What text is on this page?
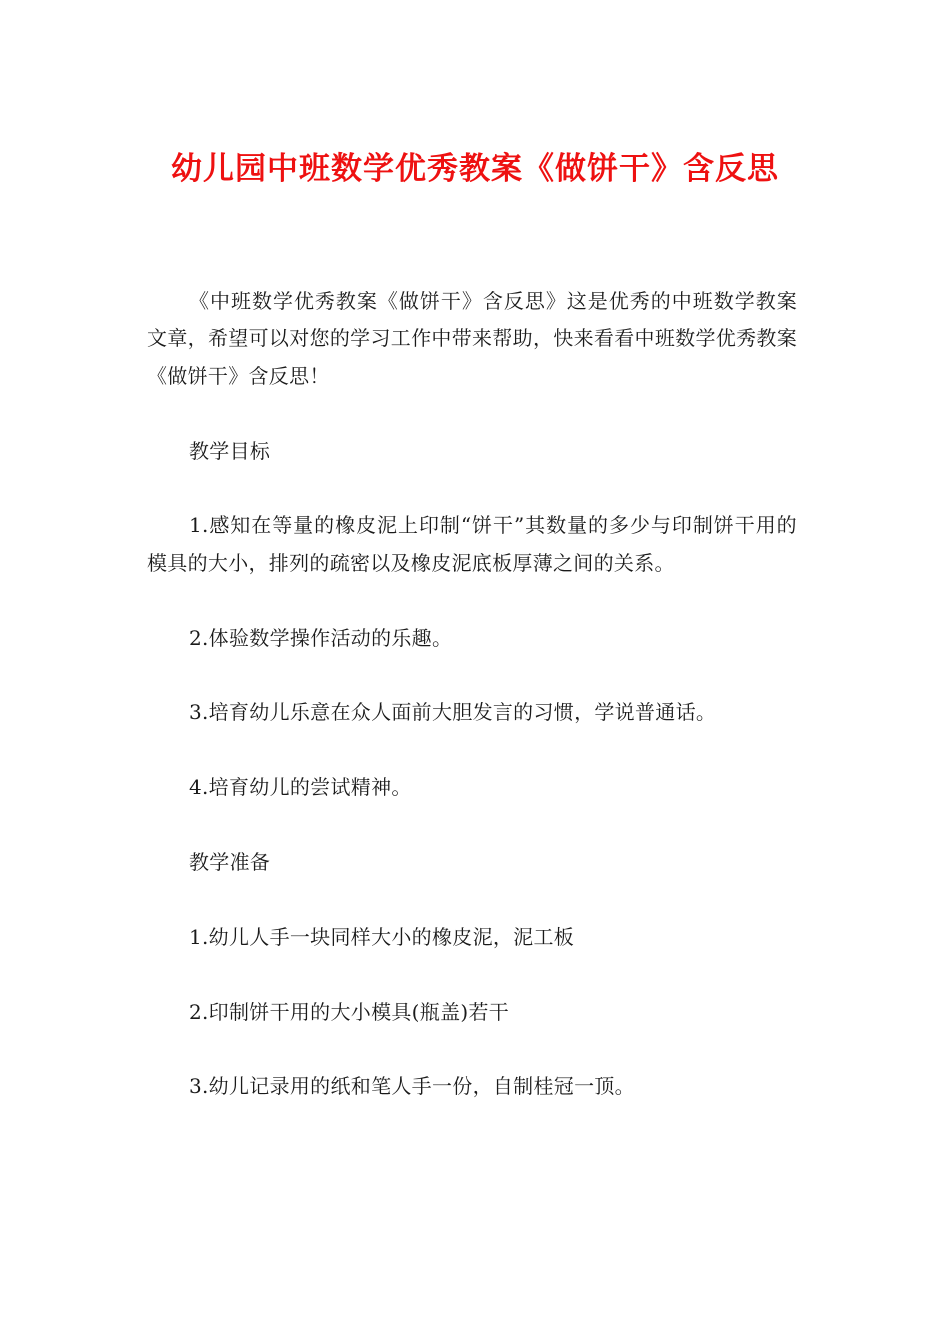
幼儿园中班数学优秀教案《做饼干》含反思

《中班数学优秀教案《做饼干》含反思》这是优秀的中班数学教案文章，希望可以对您的学习工作中带来帮助，快来看看中班数学优秀教案《做饼干》含反思！

教学目标

1.感知在等量的橡皮泥上印制“饼干”其数量的多少与印制饼干用的模具的大小，排列的疏密以及橡皮泥底板厚薄之间的关系。

2.体验数学操作活动的乐趣。

3.培育幼儿乐意在众人面前大胆发言的习惯，学说普通话。

4.培育幼儿的尝试精神。

教学准备

1.幼儿人手一块同样大小的橡皮泥，泥工板

2.印制饼干用的大小模具(瓶盖)若干

3.幼儿记录用的纸和笔人手一份，自制桂冠一顶。
